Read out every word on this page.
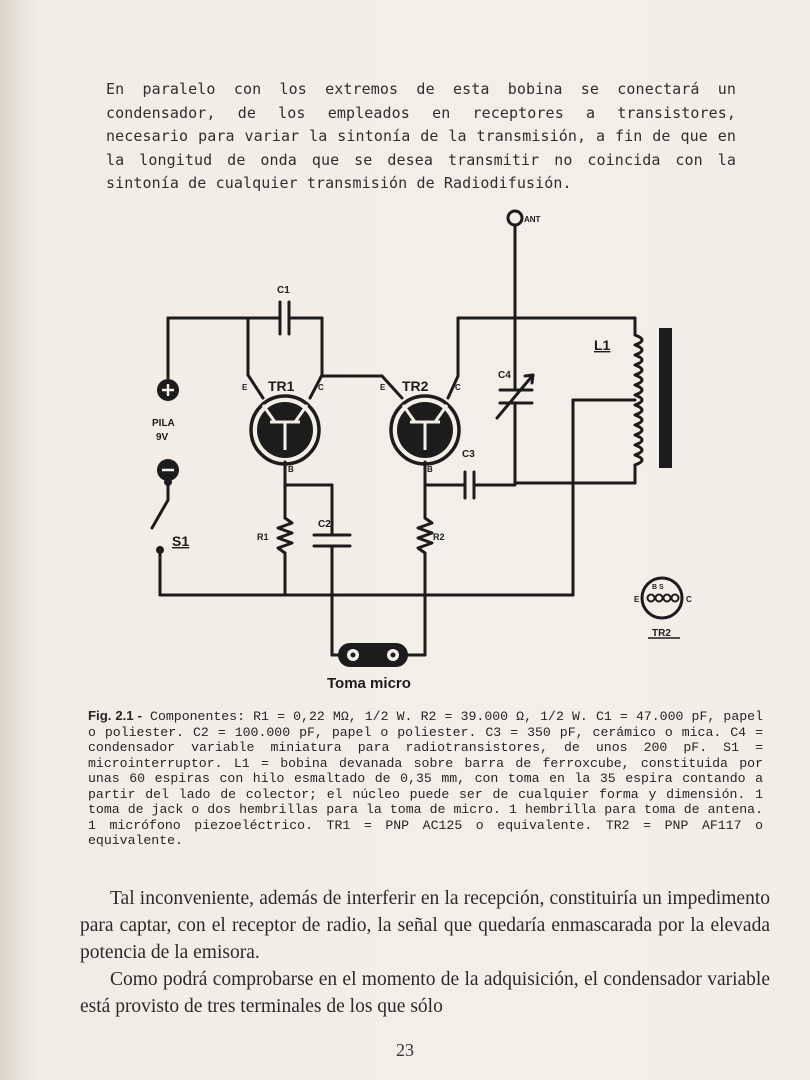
En paralelo con los extremos de esta bobina se conectará un condensador, de los empleados en receptores a transistores, necesario para variar la sintonía de la transmisión, a fin de que en la longitud de onda que se desea transmitir no coincida con la sintonía de cualquier transmisión de Radiodifusión.
ANT
C1
TR1	TR2
C4
L1
C3
C2
R1	R2
S1
PILA
9V
E	C
B
E	C
B
B S
E	C
TR2
Toma micro
Fig. 2.1 - Componentes: R1 = 0,22 MΩ, 1/2 W. R2 = 39.000 Ω, 1/2 W. C1 = 47.000 pF, papel o poliester. C2 = 100.000 pF, papel o poliester. C3 = 350 pF, cerámico o mica. C4 = condensador variable miniatura para radiotransistores, de unos 200 pF. S1 = microinterruptor. L1 = bobina devanada sobre barra de ferroxcube, constituida por unas 60 espiras con hilo esmaltado de 0,35 mm, con toma en la 35 espira contando a partir del lado de colector; el núcleo puede ser de cualquier forma y dimensión. 1 toma de jack o dos hembrillas para la toma de micro. 1 hembrilla para toma de antena. 1 micrófono piezoeléctrico. TR1 = PNP AC125 o equivalente. TR2 = PNP AF117 o equivalente.

Tal inconveniente, además de interferir en la recepción, constituiría un impedimento para captar, con el receptor de radio, la señal que quedaría enmascarada por la elevada potencia de la emisora.

Como podrá comprobarse en el momento de la adquisición, el condensador variable está provisto de tres terminales de los que sólo

23
